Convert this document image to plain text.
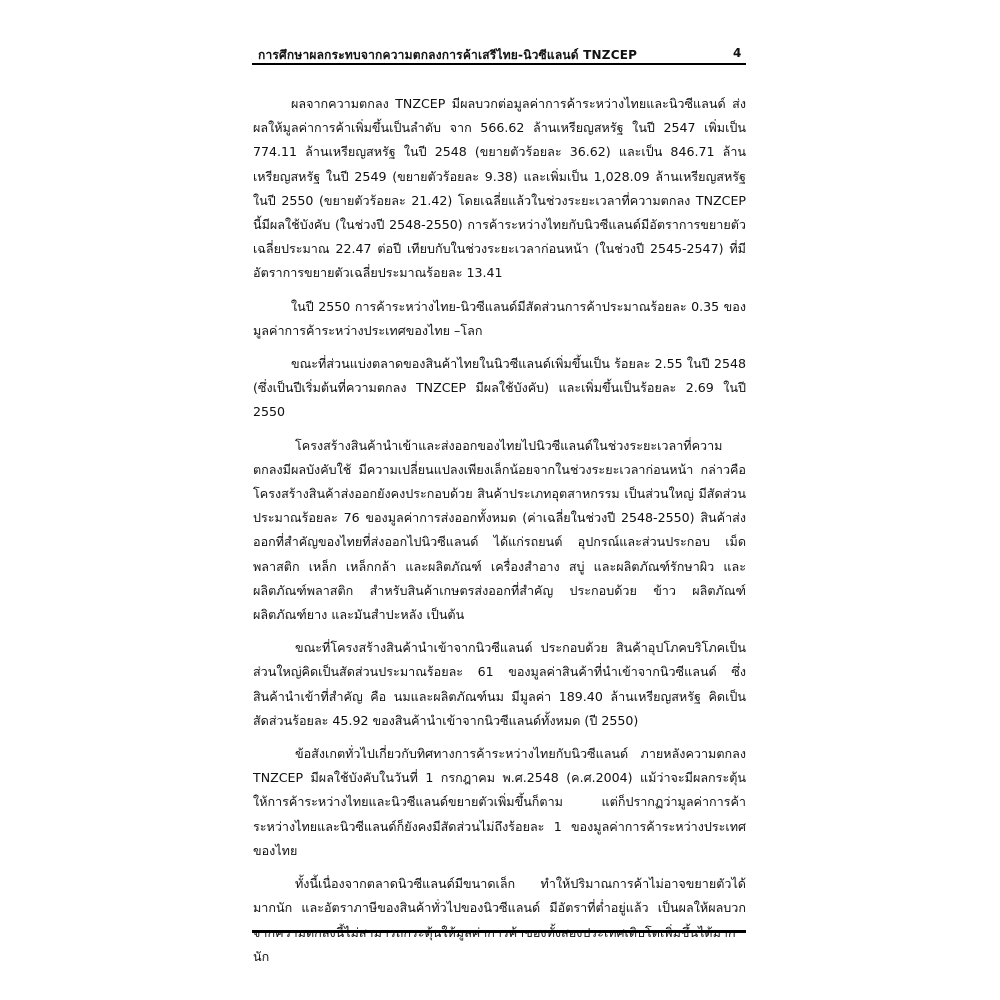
การศึกษาผลกระทบจากความตกลงการค้าเสรีไทย-นิวซีแลนด์ TNZCEP	4

ผลจากความตกลง TNZCEP มีผลบวกต่อมูลค่าการค้าระหว่างไทยและนิวซีแลนด์ ส่งผลให้มูลค่าการค้าเพิ่มขึ้นเป็นลำดับ จาก 566.62 ล้านเหรียญสหรัฐ ในปี 2547 เพิ่มเป็น 774.11 ล้านเหรียญสหรัฐ ในปี 2548 (ขยายตัวร้อยละ 36.62) และเป็น 846.71 ล้านเหรียญสหรัฐ ในปี 2549 (ขยายตัวร้อยละ 9.38) และเพิ่มเป็น 1,028.09 ล้านเหรียญสหรัฐ ในปี 2550 (ขยายตัวร้อยละ 21.42) โดยเฉลี่ยแล้วในช่วงระยะเวลาที่ความตกลง TNZCEP นี้มีผลใช้บังคับ (ในช่วงปี 2548-2550) การค้าระหว่างไทยกับนิวซีแลนด์มีอัตราการขยายตัวเฉลี่ยประมาณ 22.47 ต่อปี เทียบกับในช่วงระยะเวลาก่อนหน้า (ในช่วงปี 2545-2547) ที่มีอัตราการขยายตัวเฉลี่ยประมาณร้อยละ 13.41

ในปี 2550 การค้าระหว่างไทย-นิวซีแลนด์มีสัดส่วนการค้าประมาณร้อยละ 0.35 ของมูลค่าการค้าระหว่างประเทศของไทย –โลก

ขณะที่ส่วนแบ่งตลาดของสินค้าไทยในนิวซีแลนด์เพิ่มขึ้นเป็น ร้อยละ 2.55 ในปี 2548 (ซึ่งเป็นปีเริ่มต้นที่ความตกลง TNZCEP มีผลใช้บังคับ) และเพิ่มขึ้นเป็นร้อยละ 2.69 ในปี 2550

โครงสร้างสินค้านำเข้าและส่งออกของไทยไปนิวซีแลนด์ในช่วงระยะเวลาที่ความตกลงมีผลบังคับใช้ มีความเปลี่ยนแปลงเพียงเล็กน้อยจากในช่วงระยะเวลาก่อนหน้า กล่าวคือ โครงสร้างสินค้าส่งออกยังคงประกอบด้วย สินค้าประเภทอุตสาหกรรม เป็นส่วนใหญ่ มีสัดส่วนประมาณร้อยละ 76 ของมูลค่าการส่งออกทั้งหมด (ค่าเฉลี่ยในช่วงปี 2548-2550) สินค้าส่งออกที่สำคัญของไทยที่ส่งออกไปนิวซีแลนด์ ได้แก่รถยนต์ อุปกรณ์และส่วนประกอบ เม็ดพลาสติก เหล็ก เหล็กกล้า และผลิตภัณฑ์ เครื่องสำอาง สบู่ และผลิตภัณฑ์รักษาผิว และผลิตภัณฑ์พลาสติก สำหรับสินค้าเกษตรส่งออกที่สำคัญ ประกอบด้วย ข้าว ผลิตภัณฑ์ผลิตภัณฑ์ยาง และมันสำปะหลัง เป็นต้น

ขณะที่โครงสร้างสินค้านำเข้าจากนิวซีแลนด์ ประกอบด้วย สินค้าอุปโภคบริโภคเป็นส่วนใหญ่คิดเป็นสัดส่วนประมาณร้อยละ 61 ของมูลค่าสินค้าที่นำเข้าจากนิวซีแลนด์ ซึ่งสินค้านำเข้าที่สำคัญ คือ นมและผลิตภัณฑ์นม มีมูลค่า 189.40 ล้านเหรียญสหรัฐ คิดเป็นสัดส่วนร้อยละ 45.92 ของสินค้านำเข้าจากนิวซีแลนด์ทั้งหมด (ปี 2550)

ข้อสังเกตทั่วไปเกี่ยวกับทิศทางการค้าระหว่างไทยกับนิวซีแลนด์ ภายหลังความตกลง TNZCEP มีผลใช้บังคับในวันที่ 1 กรกฎาคม พ.ศ.2548 (ค.ศ.2004) แม้ว่าจะมีผลกระตุ้นให้การค้าระหว่างไทยและนิวซีแลนด์ขยายตัวเพิ่มขึ้นก็ตาม แต่ก็ปรากฏว่ามูลค่าการค้าระหว่างไทยและนิวซีแลนด์ก็ยังคงมีสัดส่วนไม่ถึงร้อยละ 1 ของมูลค่าการค้าระหว่างประเทศของไทย

ทั้งนี้เนื่องจากตลาดนิวซีแลนด์มีขนาดเล็ก ทำให้ปริมาณการค้าไม่อาจขยายตัวได้มากนัก และอัตราภาษีของสินค้าทั่วไปของนิวซีแลนด์ มีอัตราที่ต่ำอยู่แล้ว เป็นผลให้ผลบวก นัก
